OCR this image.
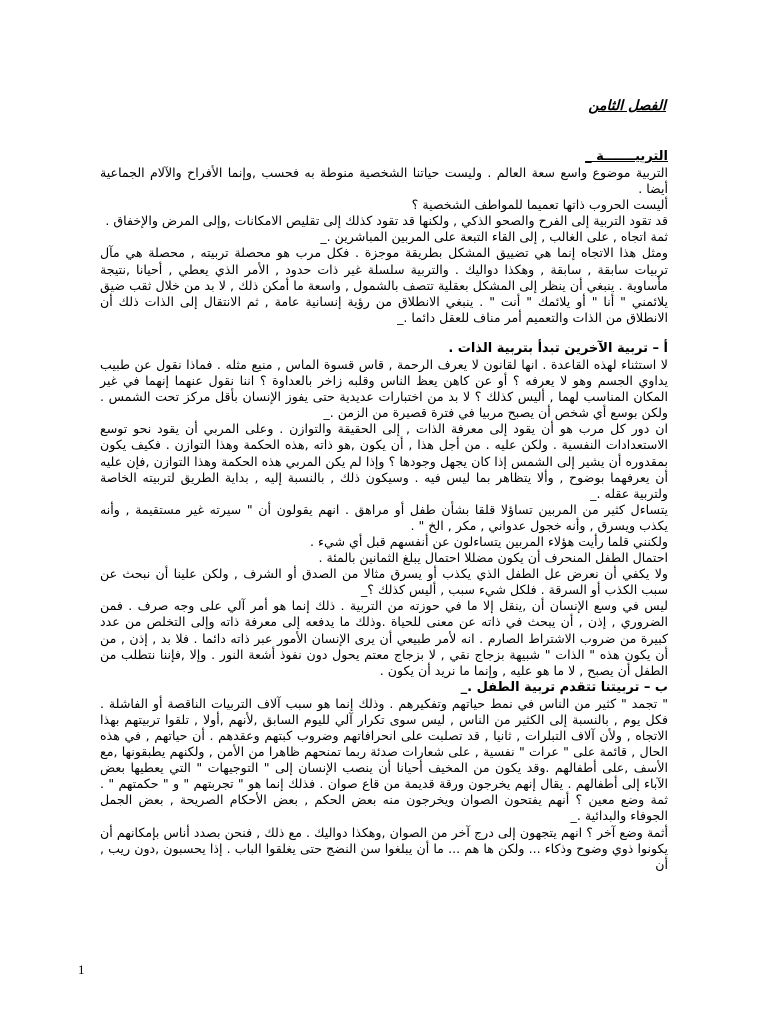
الفصل الثامن
التربيـــــــة _

التربية موضوع واسع سعة العالم . وليست حياتنا الشخصية منوطة به فحسب ,وإنما الأفراح والآلام الجماعية أيضا .

أليست الحروب ذاتها تعميما للمواطف الشخصية ؟

قد تقود التربية إلى الفرح والصحو الذكي , ولكنها قد تقود كذلك إلى تقليص الامكانات ,وإلى المرض والإخفاق .

ثمة اتجاه , على الغالب , إلى القاء التبعة على المربين المباشرين ._

ومثل هذا الاتجاه إنما هي تضييق المشكل بطريقة موجزة . فكل مرب هو محصلة تربيته , محصلة هي مآل تربيات سابقة , سابقة , وهكذا دواليك . والتربية سلسلة غير ذات حدود , الأمر الذي يعطي , أحيانا ,نتيجة مأساوية . ينبغي أن ينظر إلى المشكل بعقلية تتصف بالشمول , واسعة ما أمكن ذلك , لا بد من خلال ثقب ضيق يلائمني " أنا " أو يلائمك " أنت " . ينبغي الانطلاق من رؤية إنسانية عامة , ثم الانتقال إلى الذات ذلك أن الانطلاق من الذات والتعميم أمر مناف للعقل دائما ._

أ – تربية الآخرين تبدأ بتربية الذات .

لا استثناء لهذه القاعدة . انها لقانون لا يعرف الرحمة , قاس قسوة الماس , منيع مثله . فماذا نقول عن طبيب يداوي الجسم وهو لا يعرفه ؟ أو عن كاهن يعظ الناس وقلبه زاخر بالعداوة ؟ اننا نقول عنهما إنهما في غير المكان المناسب لهما , أليس كذلك ؟ لا بد من اختبارات عديدية حتى يفوز الإنسان بأقل مركز تحت الشمس . ولكن بوسع أي شخص أن يصبح مربيا في فترة قصيرة من الزمن ._

ان دور كل مرب هو أن يقود إلى معرفة الذات , إلى الحقيقة والتوازن . وعلى المربي أن يقود نحو توسع الاستعدادات النفسية . ولكن عليه . من أجل هذا , أن يكون ,هو ذاته ,هذه الحكمة وهذا التوازن . فكيف يكون بمقدوره أن يشير إلى الشمس إذا كان يجهل وجودها ؟ وإذا لم يكن المربي هذه الحكمة وهذا التوازن ,فإن عليه أن يعرفهما بوضوح , وألا يتظاهر بما ليس فيه . وسيكون ذلك , بالنسبة إليه , بداية الطريق لتربيته الخاصة ولتربية عقله ._

يتساءل كثير من المربين تساؤلا قلقا بشأن طفل أو مراهق . انهم يقولون أن " سيرته غير مستقيمة , وأنه يكذب ويسرق , وأنه خجول عدواني , مكر , الخ " .

ولكنني قلما رأيت هؤلاء المربين يتساءلون عن أنفسهم قبل أي شيء .

احتمال الطفل المنحرف أن يكون مضللا احتمال يبلغ الثمانين بالمئة .

ولا يكفي أن نعرض عل الطفل الذي يكذب أو يسرق مثالا من الصدق أو الشرف , ولكن علينا أن نبحث عن سبب الكذب أو السرقة . فلكل شيء سبب , أليس كذلك ؟_

ليس في وسع الإنسان أن ,ينقل إلا ما في حوزته من التربية . ذلك إنما هو أمر آلي على وجه صرف . فمن الضروري , إذن , أن يبحث في ذاته عن معنى للحياة .وذلك ما يدفعه إلى معرفة ذاته وإلى التخلص من عدد كبيرة من ضروب الاشتراط الصارم . انه لأمر طبيعي أن يرى الإنسان الأمور عبر ذاته دائما . فلا بد , إذن , من أن يكون هذه " الذات " شبيهة بزجاج نقي , لا بزجاج معتم يحول دون نفوذ أشعة النور . وإلا ,فإننا نتطلب من الطفل أن يصبح , لا ما هو عليه , وإنما ما نريد أن يكون .

ب – تربيتنا تتقدم تربية الطفل ._

" تجمد " كثير من الناس في نمط حياتهم وتفكيرهم . وذلك إنما هو سبب آلاف التربيات الناقصة أو الفاشلة . فكل يوم , بالنسبة إلى الكثير من الناس , ليس سوى تكرار آلي لليوم السابق ,لأنهم ,أولا , تلقوا تربيتهم بهذا الاتجاه , ولأن آلاف التبلرات , ثانيا , قد تصلبت على انحرافاتهم وضروب كبتهم وعقدهم . أن حياتهم , في هذه الحال , قائمة على " عرات " نفسية , على شعارات صدئة ربما تمنحهم ظاهرا من الأمن , ولكنهم يطبقونها ,مع الأسف ,على أطفالهم .وقد يكون من المخيف أحيانا أن ينصب الإنسان إلى " التوجيهات " التي يعطيها بعض الآباء إلى أطفالهم . يقال إنهم يخرجون ورقة قديمة من قاع صوان . فذلك إنما هو " تجربتهم " و " حكمتهم " . ثمة وضع معين ؟ أنهم يفتحون الصوان ويخرجون منه بعض الحكم , بعض الأحكام الصريحة , بعض الجمل الجوفاء والبدائية ._

أثمة وضع آخر ؟ انهم يتجهون إلى درج آخر من الصوان ,وهكذا دواليك . مع ذلك , فنحن بصدد أناس بإمكانهم أن يكونوا ذوي وضوح وذكاء ... ولكن ها هم ... ما أن يبلغوا سن النضج حتى يغلقوا الباب . إذا يحسبون ,دون ريب , أن

1
